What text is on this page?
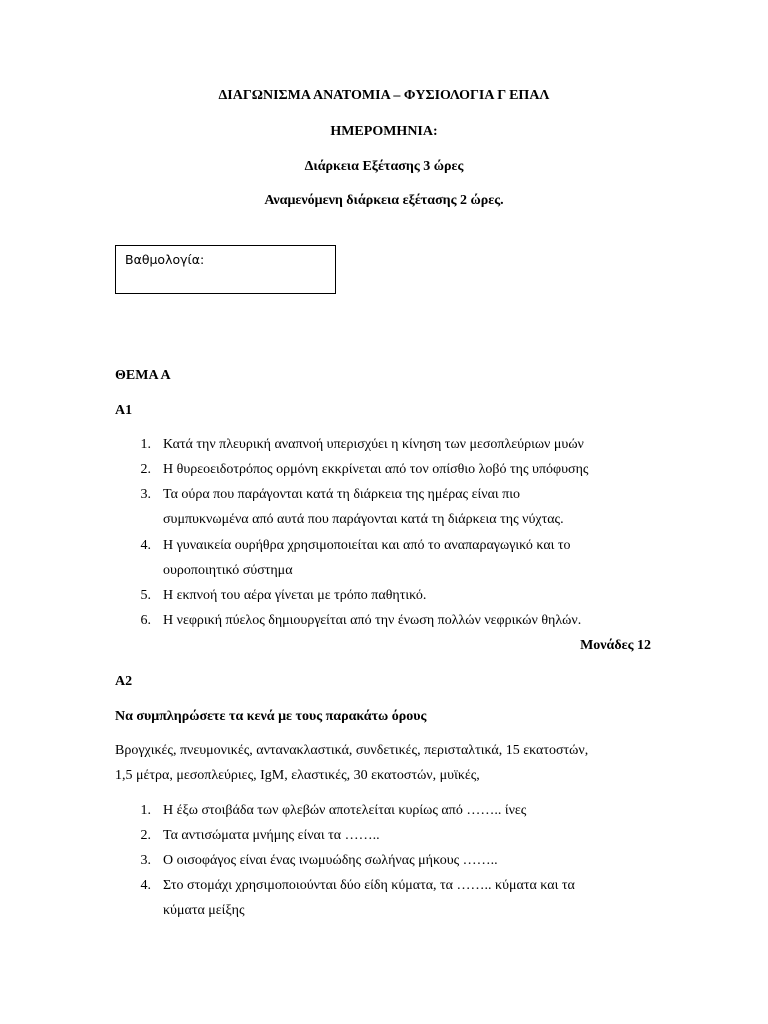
ΔΙΑΓΩΝΙΣΜΑ ΑΝΑΤΟΜΙΑ – ΦΥΣΙΟΛΟΓΙΑ Γ ΕΠΑΛ
ΗΜΕΡΟΜΗΝΙΑ:
Διάρκεια Εξέτασης 3 ώρες
Αναμενόμενη διάρκεια εξέτασης 2 ώρες.
Βαθμολογία:
ΘΕΜΑ Α
Α1
1. Κατά την πλευρική αναπνοή υπερισχύει η κίνηση των μεσοπλεύριων μυών
2. Η θυρεοειδοτρόπος ορμόνη εκκρίνεται από τον οπίσθιο λοβό της υπόφυσης
3. Τα ούρα που παράγονται κατά τη διάρκεια της ημέρας είναι πιο
συμπυκνωμένα από αυτά που παράγονται κατά τη διάρκεια της νύχτας.
4. Η γυναικεία ουρήθρα χρησιμοποιείται και από το αναπαραγωγικό και το
ουροποιητικό σύστημα
5. Η εκπνοή του αέρα γίνεται με τρόπο παθητικό.
6. Η νεφρική πύελος δημιουργείται από την ένωση πολλών νεφρικών θηλών.
Μονάδες 12
Α2
Να συμπληρώσετε τα κενά με τους παρακάτω όρους
Βρογχικές, πνευμονικές, αντανακλαστικά, συνδετικές, περισταλτικά, 15 εκατοστών,
1,5 μέτρα, μεσοπλεύριες, IgM, ελαστικές, 30 εκατοστών, μυϊκές,
1. Η έξω στοιβάδα των φλεβών αποτελείται κυρίως από …….. ίνες
2. Τα αντισώματα μνήμης είναι τα ……..
3. Ο οισοφάγος είναι ένας ινωμυώδης σωλήνας μήκους ……..
4. Στο στομάχι χρησιμοποιούνται δύο είδη κύματα, τα …….. κύματα και τα
κύματα μείξης
